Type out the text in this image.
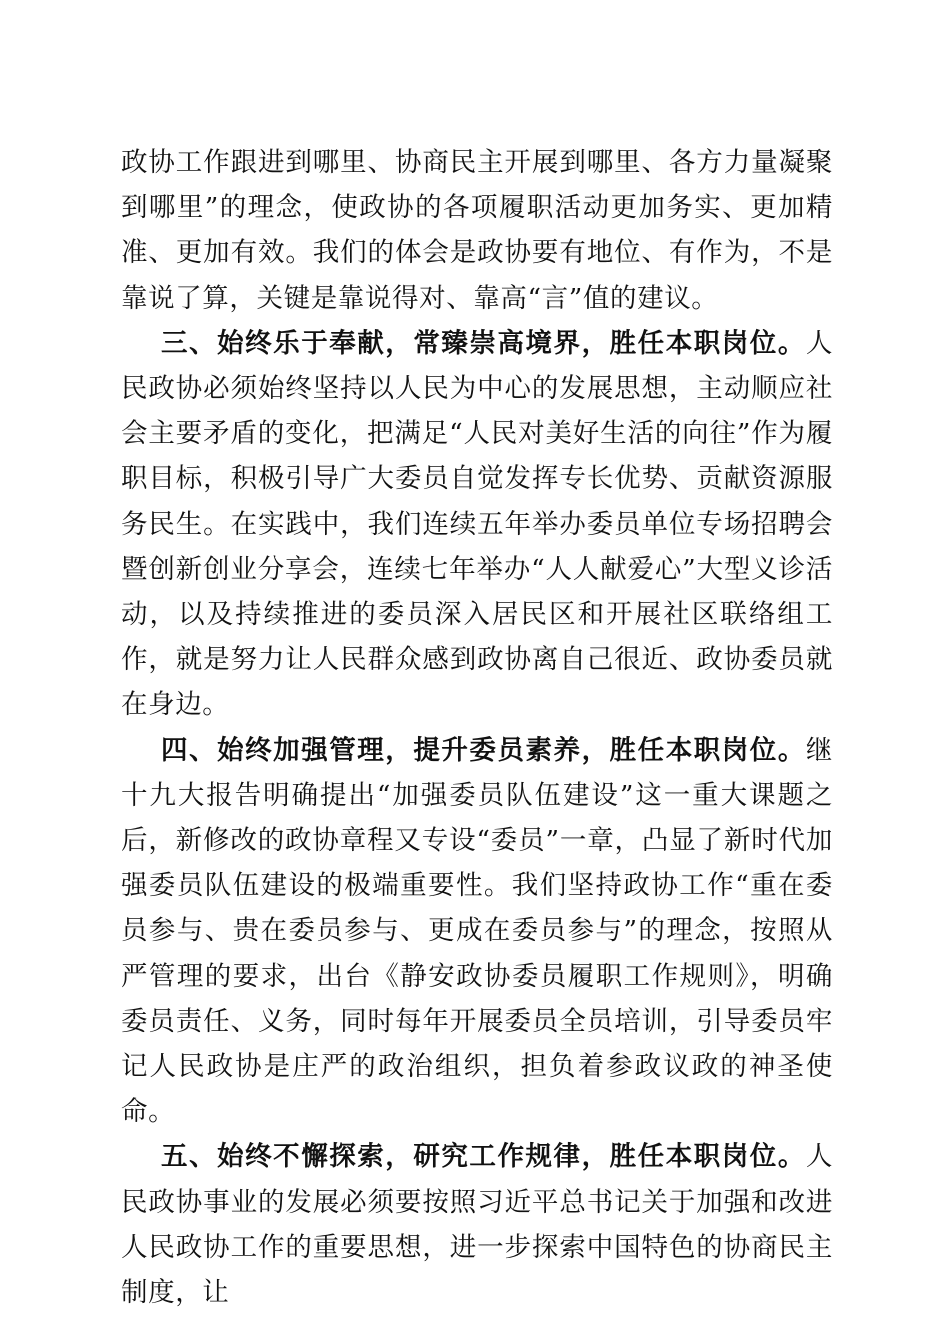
政协工作跟进到哪里、协商民主开展到哪里、各方力量凝聚到哪里”的理念，使政协的各项履职活动更加务实、更加精准、更加有效。我们的体会是政协要有地位、有作为，不是靠说了算，关键是靠说得对、靠高“言”值的建议。

三、始终乐于奉献，常臻崇高境界，胜任本职岗位。人民政协必须始终坚持以人民为中心的发展思想，主动顺应社会主要矛盾的变化，把满足“人民对美好生活的向往”作为履职目标，积极引导广大委员自觉发挥专长优势、贡献资源服务民生。在实践中，我们连续五年举办委员单位专场招聘会暨创新创业分享会，连续七年举办“人人献爱心”大型义诊活动，以及持续推进的委员深入居民区和开展社区联络组工作，就是努力让人民群众感到政协离自己很近、政协委员就在身边。

四、始终加强管理，提升委员素养，胜任本职岗位。继十九大报告明确提出“加强委员队伍建设”这一重大课题之后，新修改的政协章程又专设“委员”一章，凸显了新时代加强委员队伍建设的极端重要性。我们坚持政协工作“重在委员参与、贵在委员参与、更成在委员参与”的理念，按照从严管理的要求，出台《静安政协委员履职工作规则》，明确委员责任、义务，同时每年开展委员全员培训，引导委员牢记人民政协是庄严的政治组织，担负着参政议政的神圣使命。

五、始终不懈探索，研究工作规律，胜任本职岗位。人民政协事业的发展必须要按照习近平总书记关于加强和改进人民政协工作的重要思想，进一步探索中国特色的协商民主制度，让
